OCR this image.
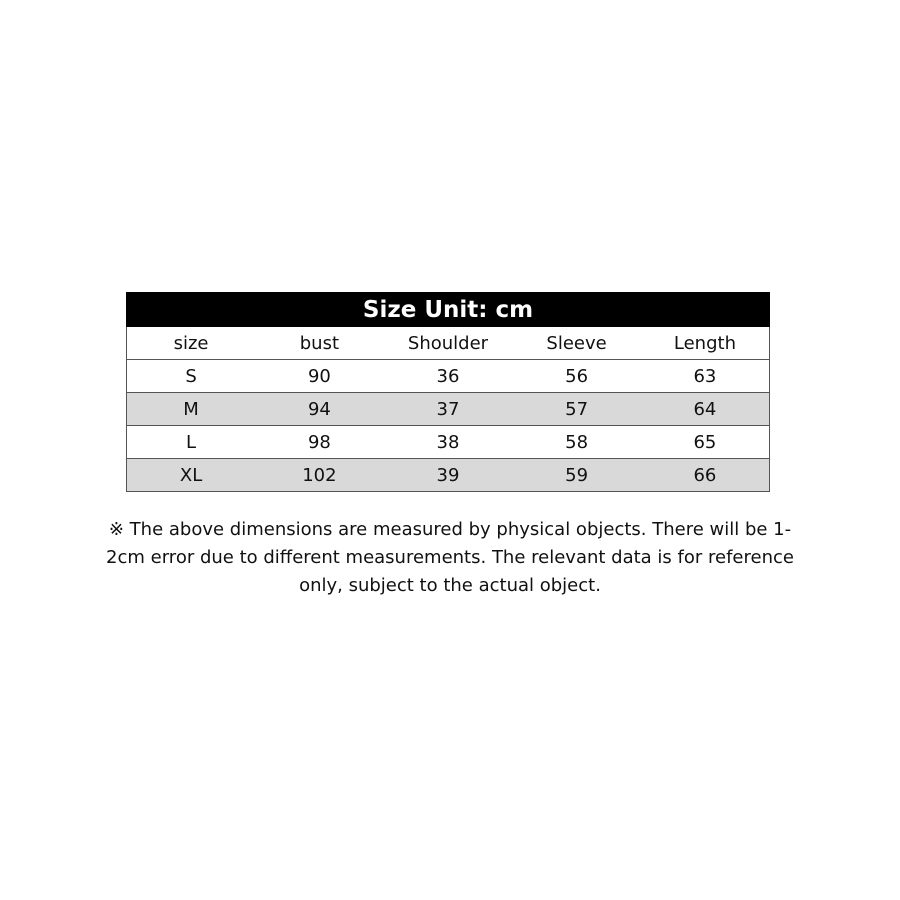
Size Unit: cm				
size	bust	Shoulder	Sleeve	Length
S	90	36	56	63
M	94	37	57	64
L	98	38	58	65
XL	102	39	59	66

※ The above dimensions are measured by physical objects. There will be 1-2cm error due to different measurements. The relevant data is for reference only, subject to the actual object.
